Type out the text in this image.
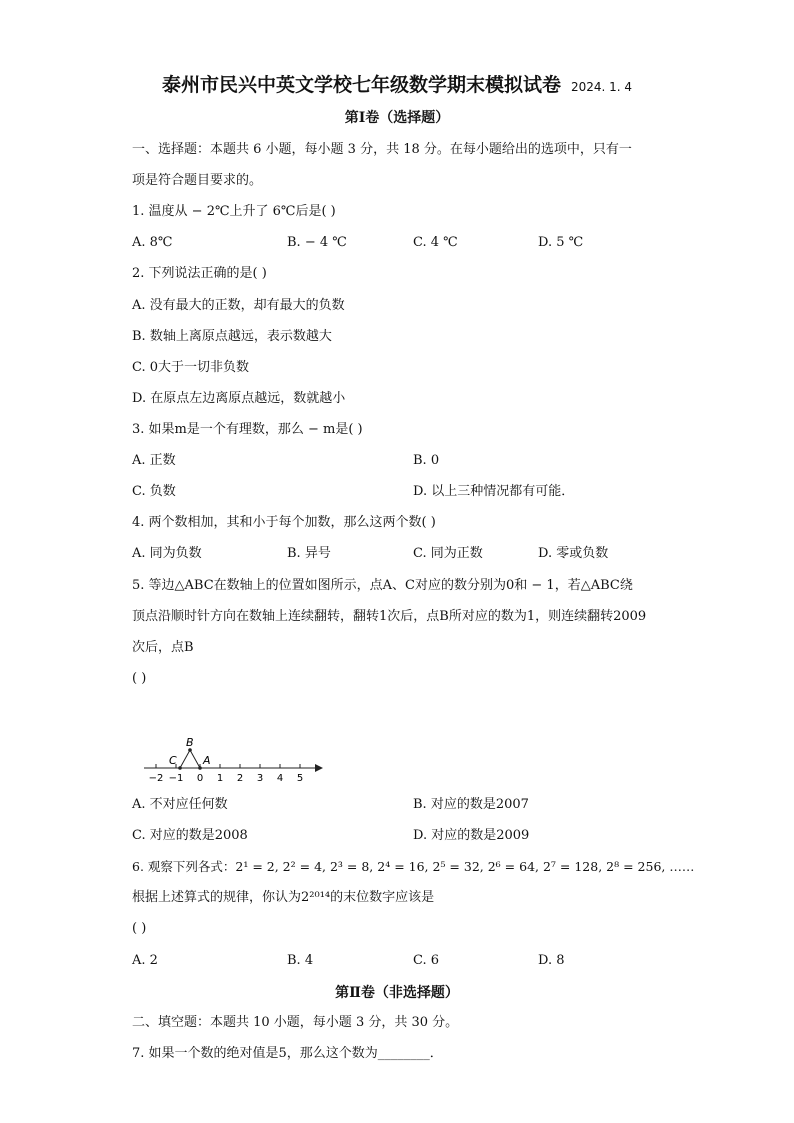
泰州市民兴中英文学校七年级数学期末模拟试卷 2024. 1. 4
第Ⅰ卷（选择题）
一、选择题：本题共 6 小题，每小题 3 分，共 18 分。在每小题给出的选项中，只有一
项是符合题目要求的。
1. 温度从 − 2℃上升了 6℃后是( )
A. 8℃	B. − 4 ℃	C. 4 ℃	D. 5 ℃
2. 下列说法正确的是( )
A. 没有最大的正数，却有最大的负数
B. 数轴上离原点越远，表示数越大
C. 0大于一切非负数
D. 在原点左边离原点越远，数就越小
3. 如果m是一个有理数，那么 − m是( )
A. 正数	B. 0
C. 负数	D. 以上三种情况都有可能．
4. 两个数相加，其和小于每个加数，那么这两个数( )
A. 同为负数	B. 异号	C. 同为正数	D. 零或负数
5. 等边△ABC在数轴上的位置如图所示，点A、C对应的数分别为0和 − 1，若△ABC绕
顶点沿顺时针方向在数轴上连续翻转，翻转1次后，点B所对应的数为1，则连续翻转2009
次后，点B
( )
B
C A
−2 −1 0 1 2 3 4 5
A. 不对应任何数	B. 对应的数是2007
C. 对应的数是2008	D. 对应的数是2009
6. 观察下列各式：2¹ = 2, 2² = 4, 2³ = 8, 2⁴ = 16, 2⁵ = 32, 2⁶ = 64, 2⁷ = 128, 2⁸ = 256, ……
根据上述算式的规律，你认为2²⁰¹⁴的末位数字应该是
( )
A. 2	B. 4	C. 6	D. 8
第Ⅱ卷（非选择题）
二、填空题：本题共 10 小题，每小题 3 分，共 30 分。
7. 如果一个数的绝对值是5，那么这个数为________．
